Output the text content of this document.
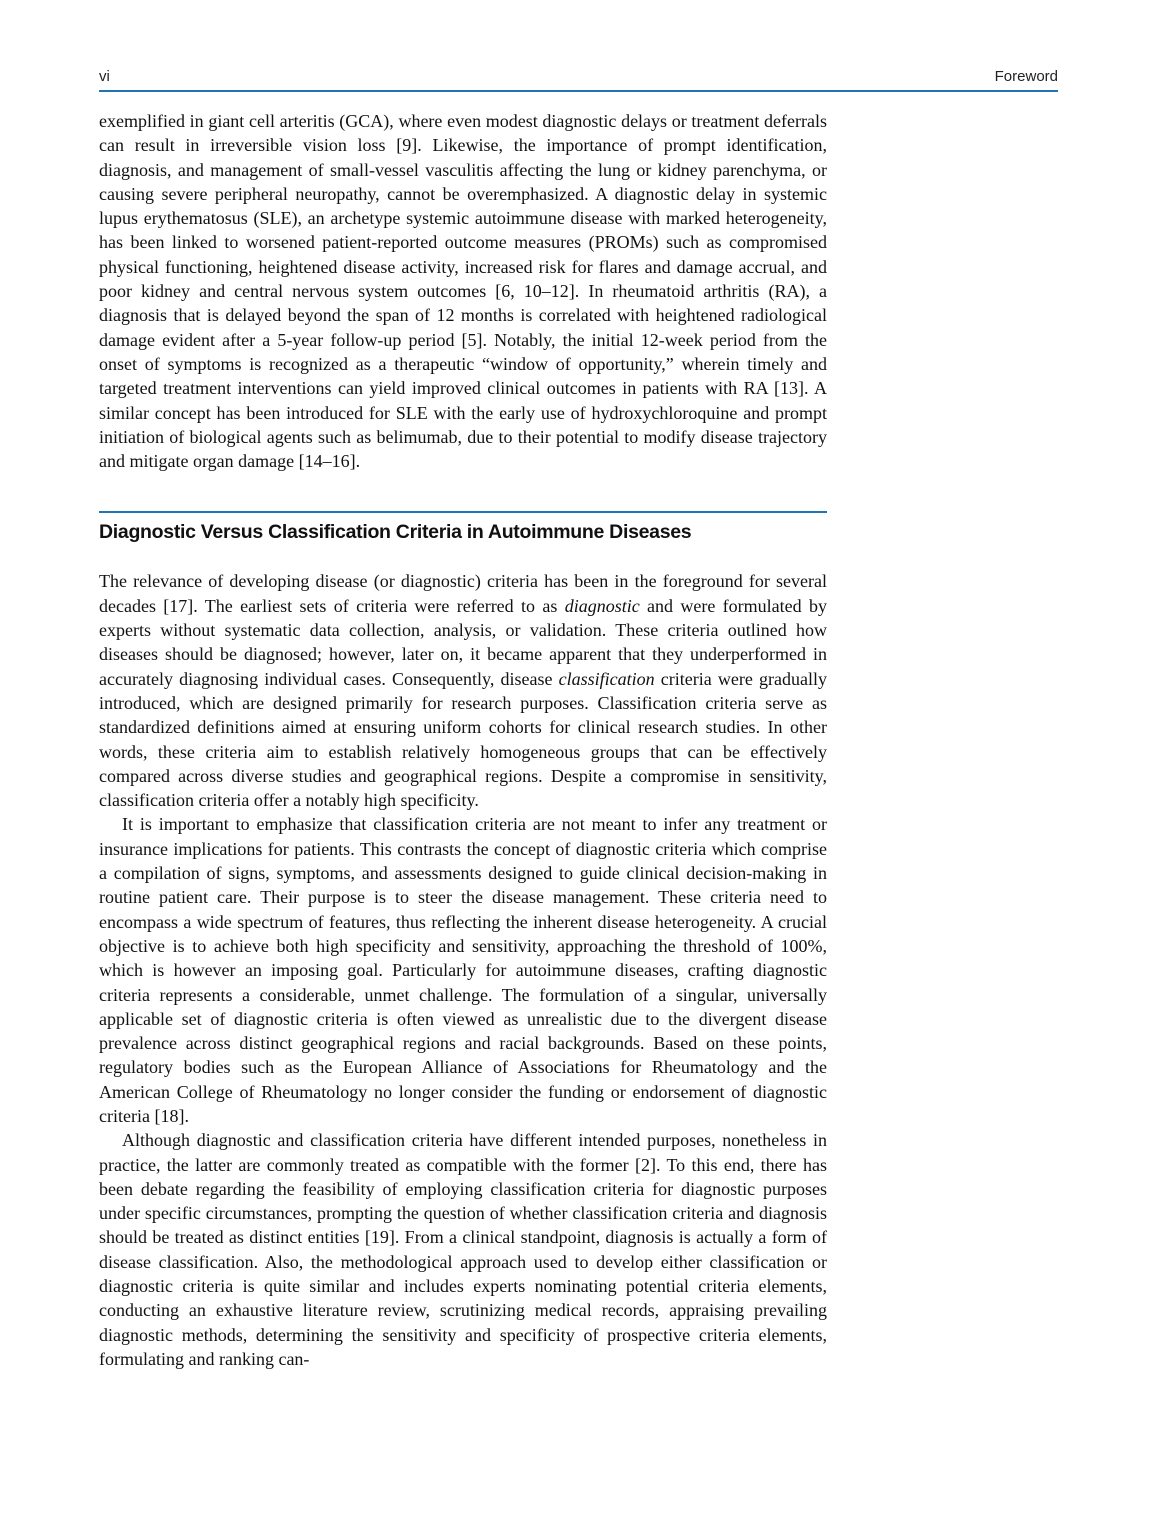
vi	Foreword

exemplified in giant cell arteritis (GCA), where even modest diagnostic delays or treatment deferrals can result in irreversible vision loss [9]. Likewise, the importance of prompt identification, diagnosis, and management of small-vessel vasculitis affecting the lung or kidney parenchyma, or causing severe peripheral neuropathy, cannot be overemphasized. A diagnostic delay in systemic lupus erythematosus (SLE), an archetype systemic autoimmune disease with marked heterogeneity, has been linked to worsened patient-reported outcome measures (PROMs) such as compromised physical functioning, heightened disease activity, increased risk for flares and damage accrual, and poor kidney and central nervous system outcomes [6, 10–12]. In rheumatoid arthritis (RA), a diagnosis that is delayed beyond the span of 12 months is correlated with heightened radiological damage evident after a 5-year follow-up period [5]. Notably, the initial 12-week period from the onset of symptoms is recognized as a therapeutic “window of opportunity,” wherein timely and targeted treatment interventions can yield improved clinical outcomes in patients with RA [13]. A similar concept has been introduced for SLE with the early use of hydroxychloroquine and prompt initiation of biological agents such as belimumab, due to their potential to modify disease trajectory and mitigate organ damage [14–16].

Diagnostic Versus Classification Criteria in Autoimmune Diseases

The relevance of developing disease (or diagnostic) criteria has been in the foreground for several decades [17]. The earliest sets of criteria were referred to as diagnostic and were formulated by experts without systematic data collection, analysis, or validation. These criteria outlined how diseases should be diagnosed; however, later on, it became apparent that they underperformed in accurately diagnosing individual cases. Consequently, disease classification criteria were gradually introduced, which are designed primarily for research purposes. Classification criteria serve as standardized definitions aimed at ensuring uniform cohorts for clinical research studies. In other words, these criteria aim to establish relatively homogeneous groups that can be effectively compared across diverse studies and geographical regions. Despite a compromise in sensitivity, classification criteria offer a notably high specificity.

It is important to emphasize that classification criteria are not meant to infer any treatment or insurance implications for patients. This contrasts the concept of diagnostic criteria which comprise a compilation of signs, symptoms, and assessments designed to guide clinical decision-making in routine patient care. Their purpose is to steer the disease management. These criteria need to encompass a wide spectrum of features, thus reflecting the inherent disease heterogeneity. A crucial objective is to achieve both high specificity and sensitivity, approaching the threshold of 100%, which is however an imposing goal. Particularly for autoimmune diseases, crafting diagnostic criteria represents a considerable, unmet challenge. The formulation of a singular, universally applicable set of diagnostic criteria is often viewed as unrealistic due to the divergent disease prevalence across distinct geographical regions and racial backgrounds. Based on these points, regulatory bodies such as the European Alliance of Associations for Rheumatology and the American College of Rheumatology no longer consider the funding or endorsement of diagnostic criteria [18].

Although diagnostic and classification criteria have different intended purposes, nonetheless in practice, the latter are commonly treated as compatible with the former [2]. To this end, there has been debate regarding the feasibility of employing classification criteria for diagnostic purposes under specific circumstances, prompting the question of whether classification criteria and diagnosis should be treated as distinct entities [19]. From a clinical standpoint, diagnosis is actually a form of disease classification. Also, the methodological approach used to develop either classification or diagnostic criteria is quite similar and includes experts nominating potential criteria elements, conducting an exhaustive literature review, scrutinizing medical records, appraising prevailing diagnostic methods, determining the sensitivity and specificity of prospective criteria elements, formulating and ranking can-
